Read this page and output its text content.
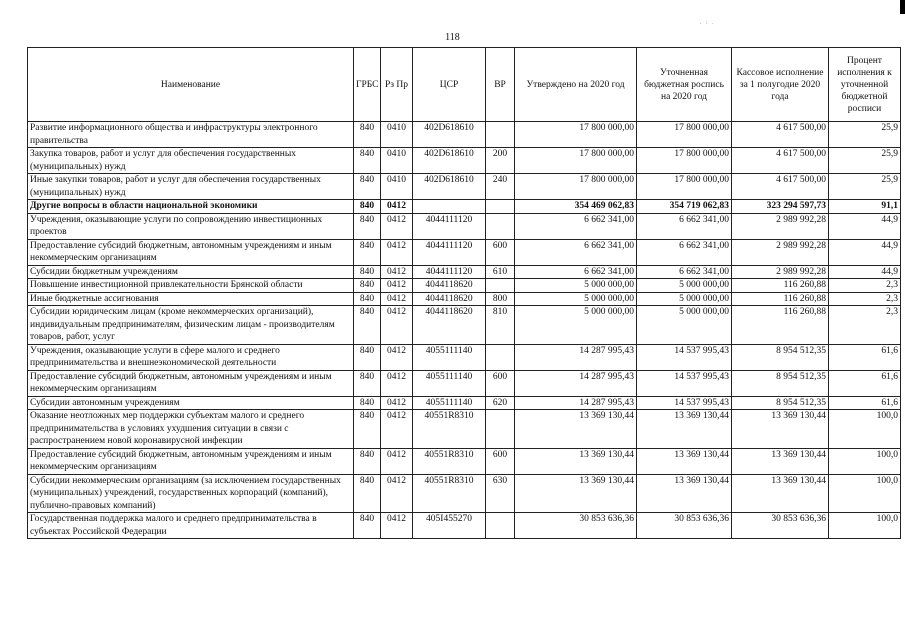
.   :   .
118
Наименование	ГРБС	Рз Пр	ЦСР	ВР	Утверждено на 2020 год	Уточненная бюджетная роспись на 2020 год	Кассовое исполнение за 1 полугодие 2020 года	Процент исполнения к уточненной бюджетной росписи
Развитие информационного общества и инфраструктуры электронного правительства	840	0410	402D618610		17 800 000,00	17 800 000,00	4 617 500,00	25,9
Закупка товаров, работ и услуг для обеспечения государственных (муниципальных) нужд	840	0410	402D618610	200	17 800 000,00	17 800 000,00	4 617 500,00	25,9
Иные закупки товаров, работ и услуг для обеспечения государственных (муниципальных) нужд	840	0410	402D618610	240	17 800 000,00	17 800 000,00	4 617 500,00	25,9
Другие вопросы в области национальной экономики	840	0412			354 469 062,83	354 719 062,83	323 294 597,73	91,1
Учреждения, оказывающие услуги по сопровождению инвестиционных проектов	840	0412	4044111120		6 662 341,00	6 662 341,00	2 989 992,28	44,9
Предоставление субсидий бюджетным, автономным учреждениям и иным некоммерческим организациям	840	0412	4044111120	600	6 662 341,00	6 662 341,00	2 989 992,28	44,9
Субсидии бюджетным учреждениям	840	0412	4044111120	610	6 662 341,00	6 662 341,00	2 989 992,28	44,9
Повышение инвестиционной привлекательности Брянской области	840	0412	4044118620		5 000 000,00	5 000 000,00	116 260,88	2,3
Иные бюджетные ассигнования	840	0412	4044118620	800	5 000 000,00	5 000 000,00	116 260,88	2,3
Субсидии юридическим лицам (кроме некоммерческих организаций), индивидуальным предпринимателям, физическим лицам - производителям товаров, работ, услуг	840	0412	4044118620	810	5 000 000,00	5 000 000,00	116 260,88	2,3
Учреждения, оказывающие услуги в сфере малого и среднего предпринимательства и внешнеэкономической деятельности	840	0412	4055111140		14 287 995,43	14 537 995,43	8 954 512,35	61,6
Предоставление субсидий бюджетным, автономным учреждениям и иным некоммерческим организациям	840	0412	4055111140	600	14 287 995,43	14 537 995,43	8 954 512,35	61,6
Субсидии автономным учреждениям	840	0412	4055111140	620	14 287 995,43	14 537 995,43	8 954 512,35	61,6
Оказание неотложных мер поддержки субъектам малого и среднего предпринимательства в условиях ухудшения ситуации в связи с распространением новой коронавирусной инфекции	840	0412	40551R8310		13 369 130,44	13 369 130,44	13 369 130,44	100,0
Предоставление субсидий бюджетным, автономным учреждениям и иным некоммерческим организациям	840	0412	40551R8310	600	13 369 130,44	13 369 130,44	13 369 130,44	100,0
Субсидии некоммерческим организациям (за исключением государственных (муниципальных) учреждений, государственных корпораций (компаний), публично-правовых компаний)	840	0412	40551R8310	630	13 369 130,44	13 369 130,44	13 369 130,44	100,0
Государственная поддержка малого и среднего предпринимательства в субъектах Российской Федерации	840	0412	405I455270		30 853 636,36	30 853 636,36	30 853 636,36	100,0
